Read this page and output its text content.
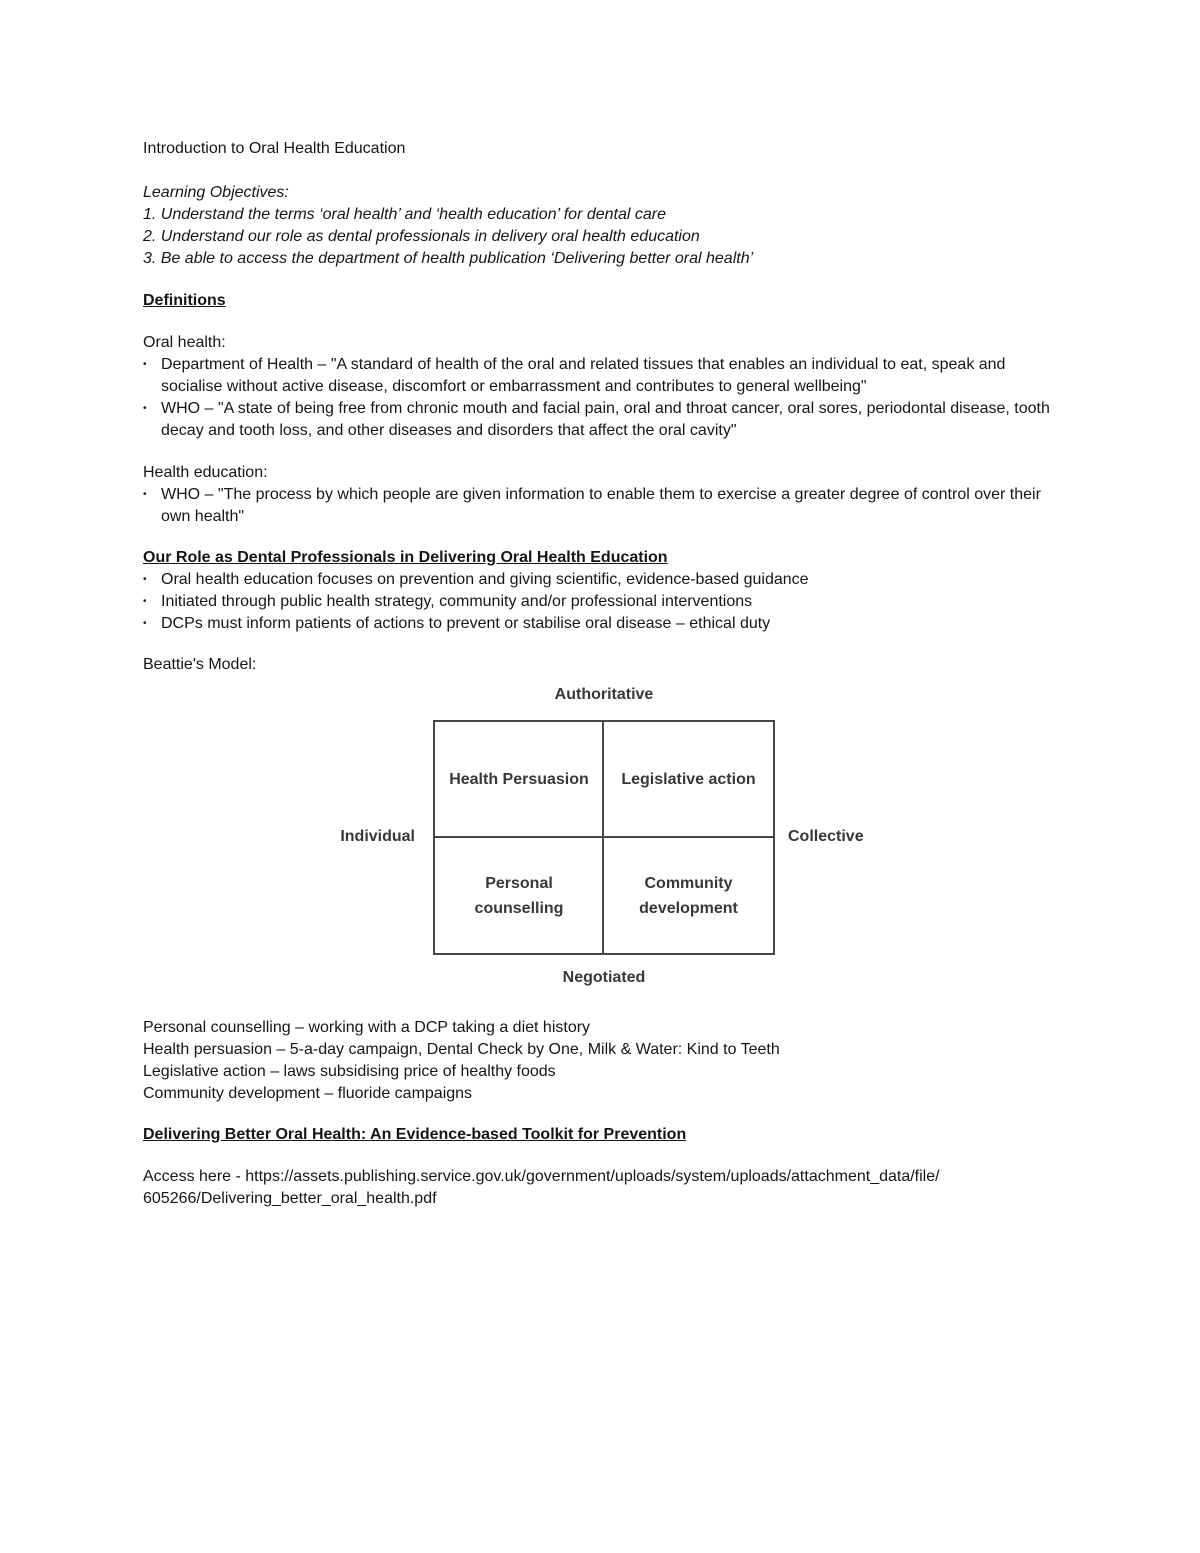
Introduction to Oral Health Education
Learning Objectives:
1. Understand the terms ‘oral health’ and ‘health education’ for dental care
2. Understand our role as dental professionals in delivery oral health education
3. Be able to access the department of health publication ‘Delivering better oral health’
Definitions
Oral health:
• Department of Health – "A standard of health of the oral and related tissues that enables an individual to eat, speak and socialise without active disease, discomfort or embarrassment and contributes to general wellbeing"
• WHO – "A state of being free from chronic mouth and facial pain, oral and throat cancer, oral sores, periodontal disease, tooth decay and tooth loss, and other diseases and disorders that affect the oral cavity"
Health education:
• WHO – "The process by which people are given information to enable them to exercise a greater degree of control over their own health"
Our Role as Dental Professionals in Delivering Oral Health Education
• Oral health education focuses on prevention and giving scientific, evidence-based guidance
• Initiated through public health strategy, community and/or professional interventions
• DCPs must inform patients of actions to prevent or stabilise oral disease – ethical duty
Beattie's Model:
Authoritative
Individual	Collective
Health Persuasion Legislative action
Personal counselling
Community development
Negotiated
Personal counselling – working with a DCP taking a diet history
Health persuasion – 5-a-day campaign, Dental Check by One, Milk & Water: Kind to Teeth
Legislative action – laws subsidising price of healthy foods
Community development – fluoride campaigns
Delivering Better Oral Health: An Evidence-based Toolkit for Prevention
Access here - https://assets.publishing.service.gov.uk/government/uploads/system/uploads/attachment_data/file/
605266/Delivering_better_oral_health.pdf
